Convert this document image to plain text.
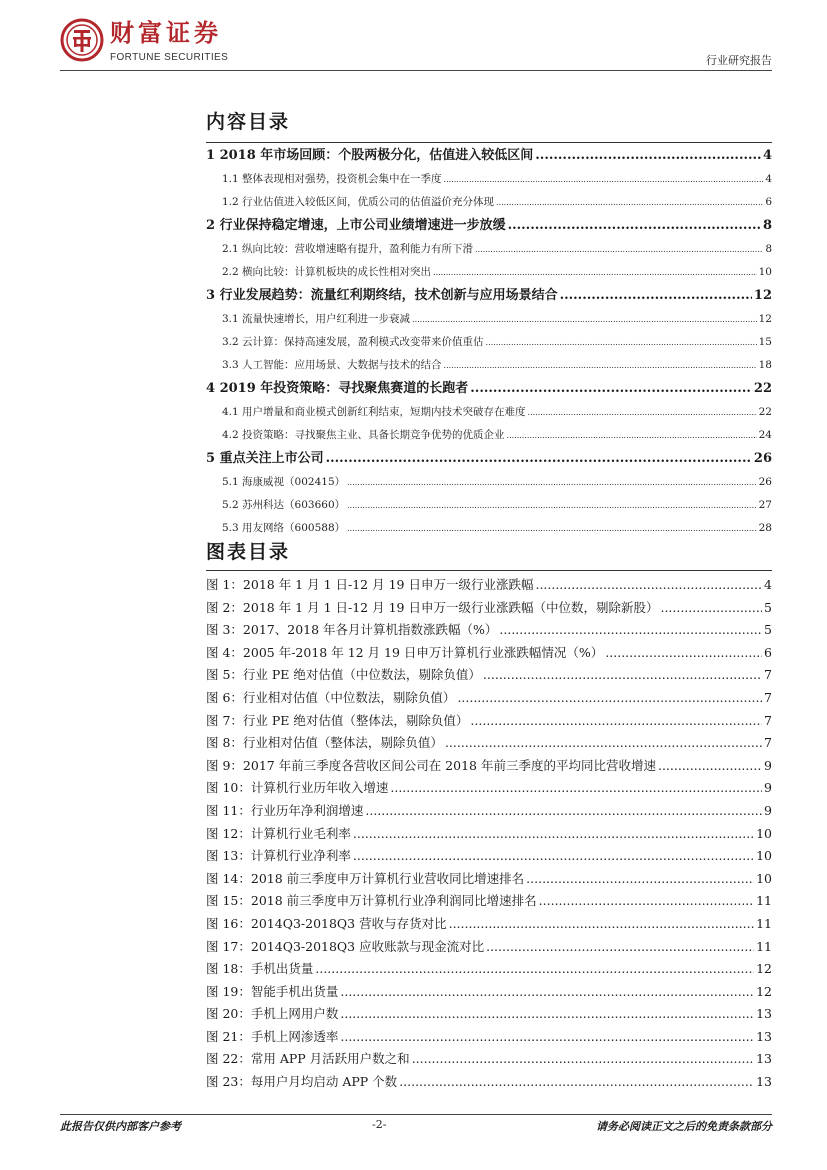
财富证券
FORTUNE SECURITIES	行业研究报告
内容目录
1 2018 年市场回顾：个股两极分化，估值进入较低区间 .....	4
1.1 整体表现相对强势，投资机会集中在一季度 .....	4
1.2 行业估值进入较低区间，优质公司的估值溢价充分体现 .....	6
2 行业保持稳定增速，上市公司业绩增速进一步放缓 .....	8
2.1 纵向比较：营收增速略有提升，盈利能力有所下滑 .....	8
2.2 横向比较：计算机板块的成长性相对突出 .....	10
3 行业发展趋势：流量红利期终结，技术创新与应用场景结合 .....	12
3.1 流量快速增长，用户红利进一步衰减 .....	12
3.2 云计算：保持高速发展，盈利模式改变带来价值重估 .....	15
3.3 人工智能：应用场景、大数据与技术的结合 .....	18
4 2019 年投资策略：寻找聚焦赛道的长跑者 .....	22
4.1 用户增量和商业模式创新红利结束，短期内技术突破存在难度 .....	22
4.2 投资策略：寻找聚焦主业、具备长期竞争优势的优质企业 .....	24
5 重点关注上市公司 .....	26
5.1 海康威视（002415） .....	26
5.2 苏州科达（603660） .....	27
5.3 用友网络（600588） .....	28
图表目录
图 1：2018 年 1 月 1 日-12 月 19 日申万一级行业涨跌幅 .....	4
图 2：2018 年 1 月 1 日-12 月 19 日申万一级行业涨跌幅（中位数，剔除新股） .....	5
图 3：2017、2018 年各月计算机指数涨跌幅（%） .....	5
图 4：2005 年-2018 年 12 月 19 日申万计算机行业涨跌幅情况（%） .....	6
图 5：行业 PE 绝对估值（中位数法，剔除负值） .....	7
图 6：行业相对估值（中位数法，剔除负值） .....	7
图 7：行业 PE 绝对估值（整体法，剔除负值） .....	7
图 8：行业相对估值（整体法，剔除负值） .....	7
图 9：2017 年前三季度各营收区间公司在 2018 年前三季度的平均同比营收增速 .....	9
图 10：计算机行业历年收入增速 .....	9
图 11：行业历年净利润增速 .....	9
图 12：计算机行业毛利率 .....	10
图 13：计算机行业净利率 .....	10
图 14：2018 前三季度申万计算机行业营收同比增速排名 .....	10
图 15：2018 前三季度申万计算机行业净利润同比增速排名 .....	11
图 16：2014Q3-2018Q3 营收与存货对比 .....	11
图 17：2014Q3-2018Q3 应收账款与现金流对比 .....	11
图 18：手机出货量 .....	12
图 19：智能手机出货量 .....	12
图 20：手机上网用户数 .....	13
图 21：手机上网渗透率 .....	13
图 22：常用 APP 月活跃用户数之和 .....	13
图 23：每用户月均启动 APP 个数 .....	13
此报告仅供内部客户参考	-2-	请务必阅读正文之后的免责条款部分
